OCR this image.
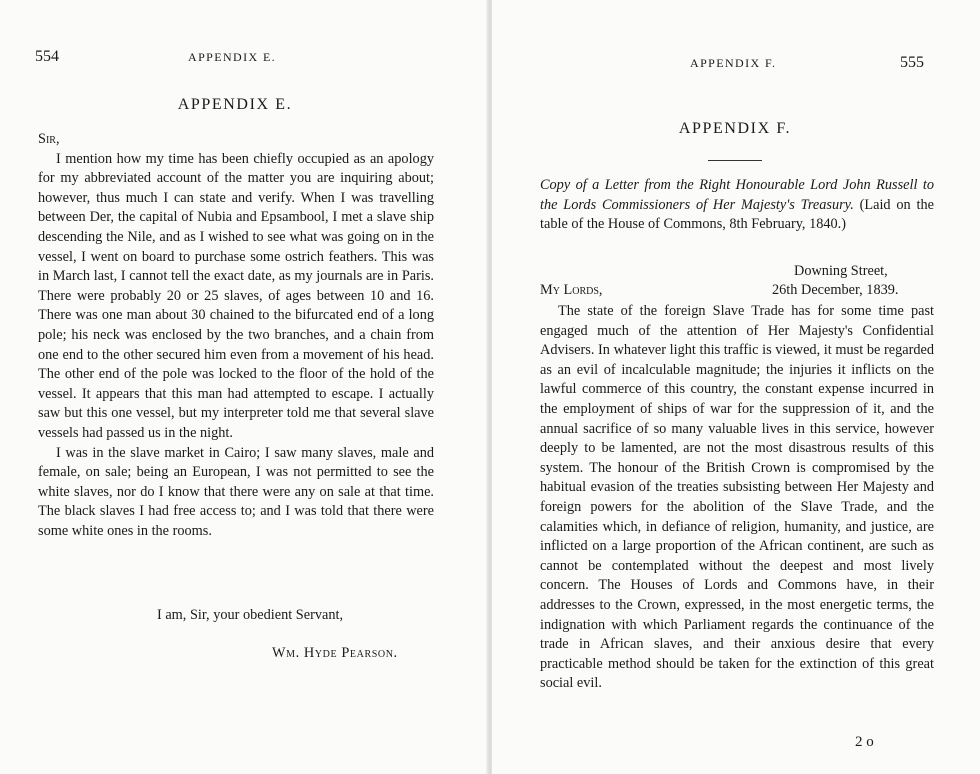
554	APPENDIX E.
APPENDIX E.

Sir,

I mention how my time has been chiefly occupied as an apology for my abbreviated account of the matter you are inquiring about; however, thus much I can state and verify. When I was travelling between Der, the capital of Nubia and Epsambool, I met a slave ship descending the Nile, and as I wished to see what was going on in the vessel, I went on board to purchase some ostrich feathers. This was in March last, I cannot tell the exact date, as my journals are in Paris. There were probably 20 or 25 slaves, of ages between 10 and 16. There was one man about 30 chained to the bifurcated end of a long pole; his neck was enclosed by the two branches, and a chain from one end to the other secured him even from a movement of his head. The other end of the pole was locked to the floor of the hold of the vessel. It appears that this man had attempted to escape. I actually saw but this one vessel, but my interpreter told me that several slave vessels had passed us in the night.

I was in the slave market in Cairo; I saw many slaves, male and female, on sale; being an European, I was not permitted to see the white slaves, nor do I know that there were any on sale at that time. The black slaves I had free access to; and I was told that there were some white ones in the rooms.

I am, Sir, your obedient Servant,
Wm. Hyde Pearson.
APPENDIX F.	555
APPENDIX F.
Copy of a Letter from the Right Honourable Lord John Russell to the Lords Commissioners of Her Majesty's Treasury. (Laid on the table of the House of Commons, 8th February, 1840.)
Downing Street,
My Lords,	26th December, 1839.

The state of the foreign Slave Trade has for some time past engaged much of the attention of Her Majesty's Confidential Advisers. In whatever light this traffic is viewed, it must be regarded as an evil of incalculable magnitude; the injuries it inflicts on the lawful commerce of this country, the constant expense incurred in the employment of ships of war for the suppression of it, and the annual sacrifice of so many valuable lives in this service, however deeply to be lamented, are not the most disastrous results of this system. The honour of the British Crown is compromised by the habitual evasion of the treaties subsisting between Her Majesty and foreign powers for the abolition of the Slave Trade, and the calamities which, in defiance of religion, humanity, and justice, are inflicted on a large proportion of the African continent, are such as cannot be contemplated without the deepest and most lively concern. The Houses of Lords and Commons have, in their addresses to the Crown, expressed, in the most energetic terms, the indignation with which Parliament regards the continuance of the trade in African slaves, and their anxious desire that every practicable method should be taken for the extinction of this great social evil.

2 o
